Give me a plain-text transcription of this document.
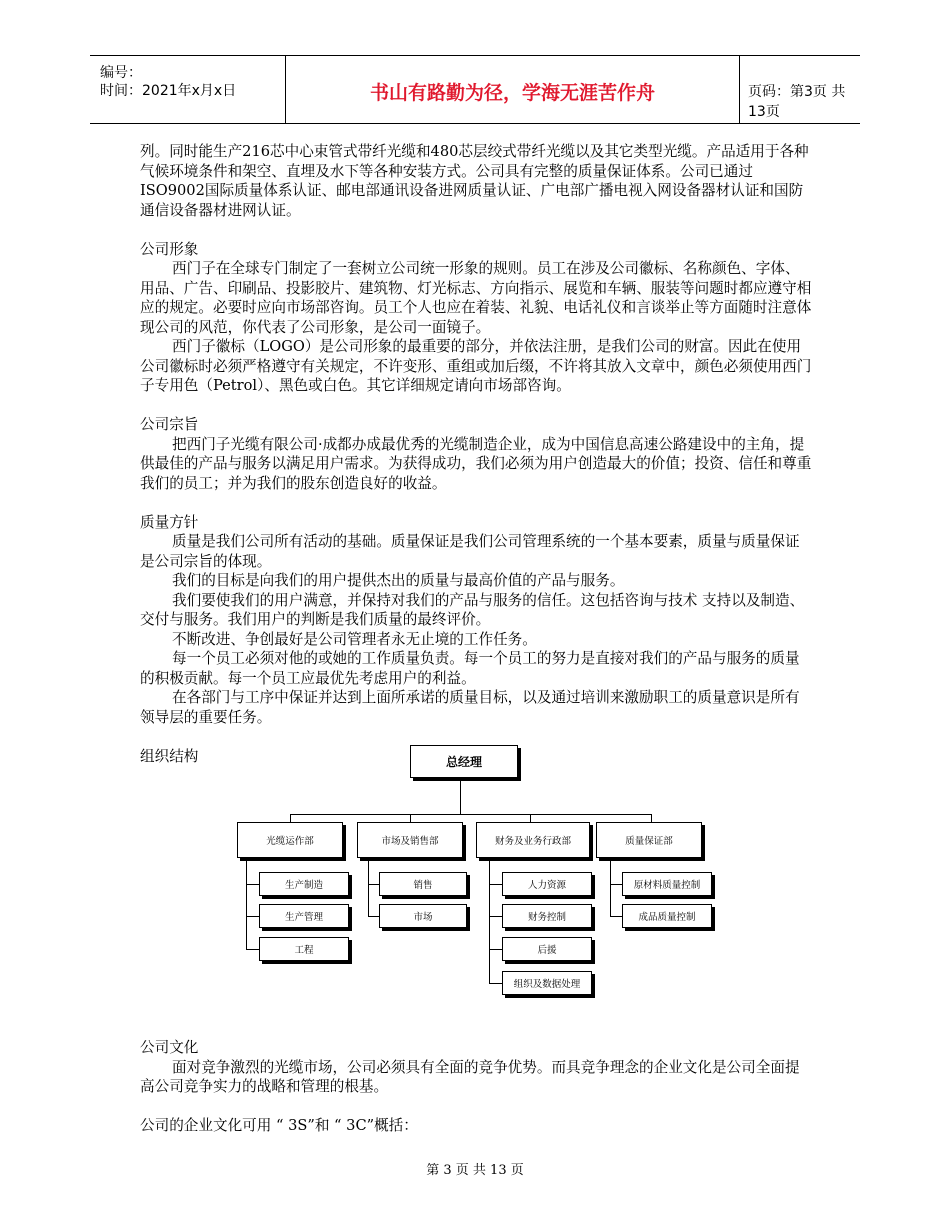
编号：
时间：2021年x月x日	书山有路勤为径，学海无涯苦作舟	页码：第3页 共13页

列。同时能生产216芯中心束管式带纤光缆和480芯层绞式带纤光缆以及其它类型光缆。产品适用于各种气候环境条件和架空、直埋及水下等各种安装方式。公司具有完整的质量保证体系。公司已通过ISO9002国际质量体系认证、邮电部通讯设备进网质量认证、广电部广播电视入网设备器材认证和国防通信设备器材进网认证。

公司形象

西门子在全球专门制定了一套树立公司统一形象的规则。员工在涉及公司徽标、名称颜色、字体、用品、广告、印刷品、投影胶片、建筑物、灯光标志、方向指示、展览和车辆、服装等问题时都应遵守相应的规定。必要时应向市场部咨询。员工个人也应在着装、礼貌、电话礼仪和言谈举止等方面随时注意体现公司的风范，你代表了公司形象，是公司一面镜子。

西门子徽标（LOGO）是公司形象的最重要的部分，并依法注册，是我们公司的财富。因此在使用公司徽标时必须严格遵守有关规定，不许变形、重组或加后缀，不许将其放入文章中，颜色必须使用西门子专用色（Petrol）、黑色或白色。其它详细规定请向市场部咨询。

公司宗旨

把西门子光缆有限公司·成都办成最优秀的光缆制造企业，成为中国信息高速公路建设中的主角，提供最佳的产品与服务以满足用户需求。为获得成功，我们必须为用户创造最大的价值；投资、信任和尊重我们的员工；并为我们的股东创造良好的收益。

质量方针

质量是我们公司所有活动的基础。质量保证是我们公司管理系统的一个基本要素，质量与质量保证是公司宗旨的体现。

我们的目标是向我们的用户提供杰出的质量与最高价值的产品与服务。

我们要使我们的用户满意，并保持对我们的产品与服务的信任。这包括咨询与技术 支持以及制造、交付与服务。我们用户的判断是我们质量的最终评价。

不断改进、争创最好是公司管理者永无止境的工作任务。

每一个员工必须对他的或她的工作质量负责。每一个员工的努力是直接对我们的产品与服务的质量的积极贡献。每一个员工应最优先考虑用户的利益。

在各部门与工序中保证并达到上面所承诺的质量目标，以及通过培训来激励职工的质量意识是所有领导层的重要任务。

组织结构

公司文化

面对竞争激烈的光缆市场，公司必须具有全面的竞争优势。而具竞争理念的企业文化是公司全面提高公司竞争实力的战略和管理的根基。

公司的企业文化可用 “ 3S”和 “ 3C”概括：

总经理
光缆运作部	市场及销售部	财务及业务行政部	质量保证部
生产制造
生产管理
工程
销售
市场
人力资源
财务控制
后援
组织及数据处理
原材料质量控制
成品质量控制
第 3 页 共 13 页
